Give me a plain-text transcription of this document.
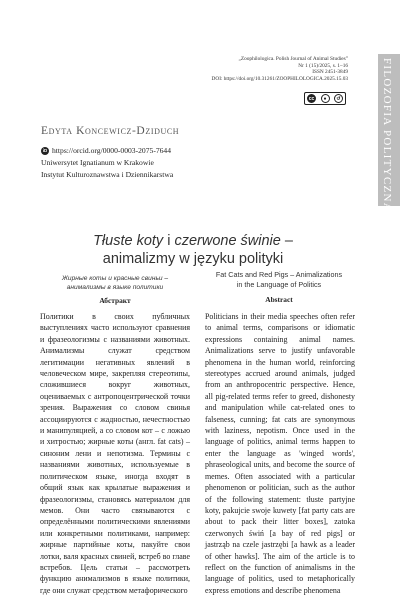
„Zoophilologica. Polish Journal of Animal Studies”
Nr 1 (15)/2025, s. 1–16
ISSN 2451-3849
DOI: https://doi.org/10.31261/ZOOPHILOLOGICA.2025.15.03
cc	●	↺	FILOZOFIA POLITYCZNA
Edyta Koncewicz-Dziduch
iD https://orcid.org/0000-0003-2075-7644
Uniwersytet Ignatianum w Krakowie
Instytut Kulturoznawstwa i Dziennikarstwa
Tłuste koty i czerwone świnie –
animalizmy w języku polityki
Жирные коты и красные свиньи –
анимализмы в языке политики
Fat Cats and Red Pigs – Animalizations
in the Language of Politics
Абстракт	Abstract

Политики в своих публичных выступлениях часто используют сравнения и фразеологизмы с названиями животных. Анимализмы служат средством легитимации негативных явлений в человеческом мире, закрепляя стереотипы, сложившиеся вокруг животных, оцениваемых с антропоцентрической точки зрения. Выражения со словом свинья ассоциируются с жадностью, нечестностью и манипуляцией, а со словом кот – с ложью и хитростью; жирные коты (англ. fat cats) – синоним лени и непотизма. Термины с названиями животных, используемые в политическом языке, иногда входят в общий язык как крылатые выражения и фразеологизмы, становясь материалом для мемов. Они часто связываются с определёнными политическими явлениями или конкретными политиками, например: жирные партийные коты, пакуйте свои лотки, валя красных свиней, встреб во главе встребов. Цель статьи – рассмотреть функцию анимализмов в языке политики, где они служат средством метафорического

Politicians in their media speeches often refer to animal terms, comparisons or idiomatic expressions containing animal names. Animalizations serve to justify unfavorable phenomena in the human world, reinforcing stereotypes accrued around animals, judged from an anthropocentric perspective. Hence, all pig-related terms refer to greed, dishonesty and manipulation while cat-related ones to falseness, cunning; fat cats are synonymous with laziness, nepotism. Once used in the language of politics, animal terms happen to enter the language as 'winged words', phraseological units, and become the source of memes. Often associated with a particular phenomenon or politician, such as the author of the following statement: tłuste partyjne koty, pakujcie swoje kuwety [fat party cats are about to pack their litter boxes], zatoka czerwonych świń [a bay of red pigs] or jastrząb na czele jastrzębi [a hawk as a leader of other hawks]. The aim of the article is to reflect on the function of animalisms in the language of politics, used to metaphorically express emotions and describe phenomena
